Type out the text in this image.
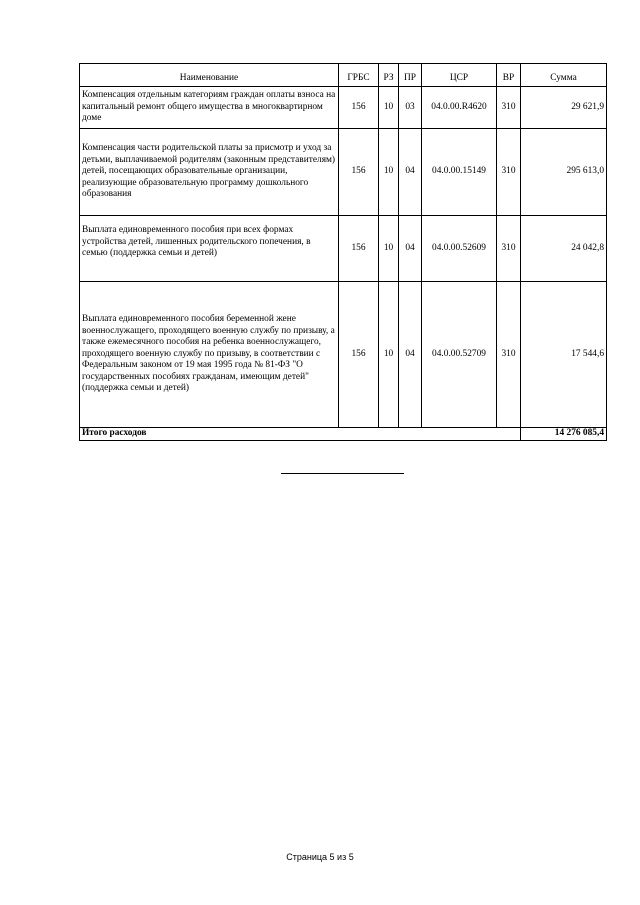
Наименование	ГРБС	РЗ	ПР	ЦСР	ВР	Сумма
Компенсация отдельным категориям граждан оплаты взноса на капитальный ремонт общего имущества в многоквартирном доме	156	10	03	04.0.00.R4620	310	29 621,9
Компенсация части родительской платы за присмотр и уход за детьми, выплачиваемой родителям (законным представителям) детей, посещающих образовательные организации, реализующие образовательную программу дошкольного образования	156	10	04	04.0.00.15149	310	295 613,0
Выплата единовременного пособия при всех формах устройства детей, лишенных родительского попечения, в семью (поддержка семьи и детей)	156	10	04	04.0.00.52609	310	24 042,8
Выплата единовременного пособия беременной жене военнослужащего, проходящего военную службу по призыву, а также ежемесячного пособия на ребенка военнослужащего, проходящего военную службу по призыву, в соответствии с Федеральным законом от 19 мая 1995 года № 81-ФЗ "О государственных пособиях гражданам, имеющим детей" (поддержка семьи и детей)	156	10	04	04.0.00.52709	310	17 544,6
Итого расходов						14 276 085,4
Страница 5 из 5
